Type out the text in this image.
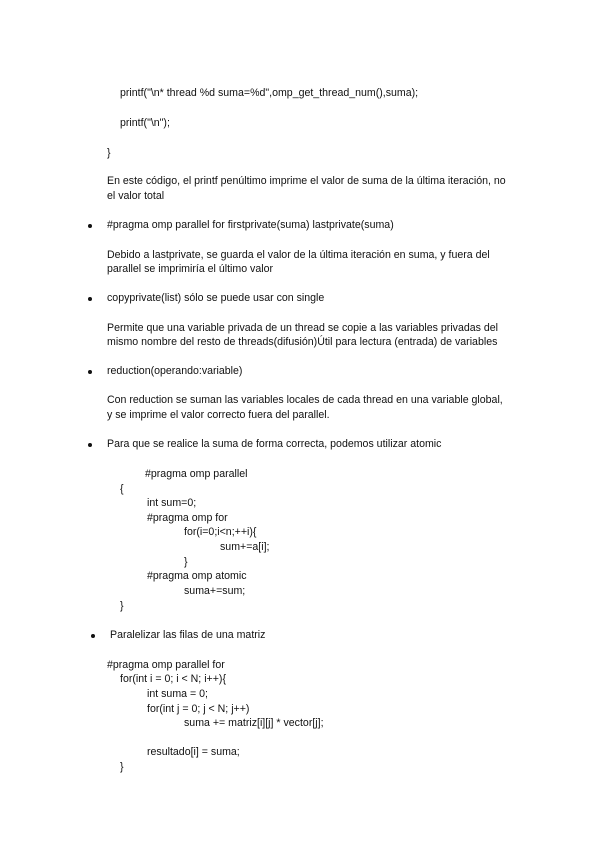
printf("\n* thread %d suma=%d",omp_get_thread_num(),suma);
printf("\n");
}
En este código, el printf penúltimo imprime el valor de suma de la última iteración, no
el valor total
#pragma omp parallel for firstprivate(suma) lastprivate(suma)
Debido a lastprivate, se guarda el valor de la última iteración en suma, y fuera del
parallel se imprimiría el último valor
copyprivate(list) sólo se puede usar con single
Permite que una variable privada de un thread se copie a las variables privadas del
mismo nombre del resto de threads(difusión)Útil para lectura (entrada) de variables
reduction(operando:variable)
Con reduction se suman las variables locales de cada thread en una variable global,
y se imprime el valor correcto fuera del parallel.
Para que se realice la suma de forma correcta, podemos utilizar atomic
#pragma omp parallel
{
int sum=0;
#pragma omp for
for(i=0;i<n;++i){
sum+=a[i];
}
#pragma omp atomic
suma+=sum;
}
Paralelizar las filas de una matriz
#pragma omp parallel for
for(int i = 0; i < N; i++){
int suma = 0;
for(int j = 0; j < N; j++)
suma += matriz[i][j] * vector[j];
resultado[i] = suma;
}
